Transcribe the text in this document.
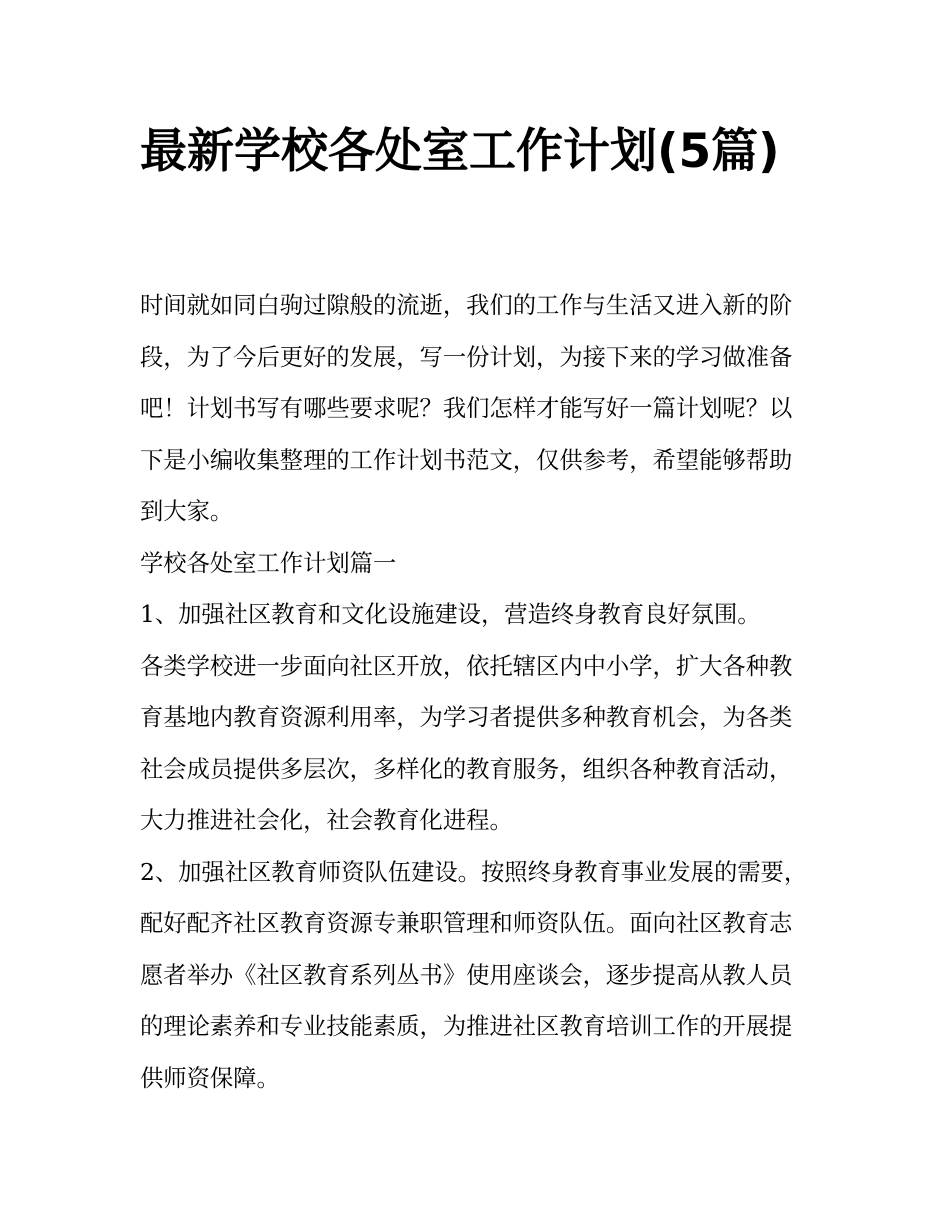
最新学校各处室工作计划(5篇)

时间就如同白驹过隙般的流逝，我们的工作与生活又进入新的阶段，为了今后更好的发展，写一份计划，为接下来的学习做准备吧！计划书写有哪些要求呢？我们怎样才能写好一篇计划呢？以下是小编收集整理的工作计划书范文，仅供参考，希望能够帮助到大家。

学校各处室工作计划篇一

1、加强社区教育和文化设施建设，营造终身教育良好氛围。

各类学校进一步面向社区开放，依托辖区内中小学，扩大各种教育基地内教育资源利用率，为学习者提供多种教育机会，为各类社会成员提供多层次，多样化的教育服务，组织各种教育活动，大力推进社会化，社会教育化进程。

2、加强社区教育师资队伍建设。按照终身教育事业发展的需要，配好配齐社区教育资源专兼职管理和师资队伍。面向社区教育志愿者举办《社区教育系列丛书》使用座谈会，逐步提高从教人员的理论素养和专业技能素质，为推进社区教育培训工作的开展提供师资保障。
